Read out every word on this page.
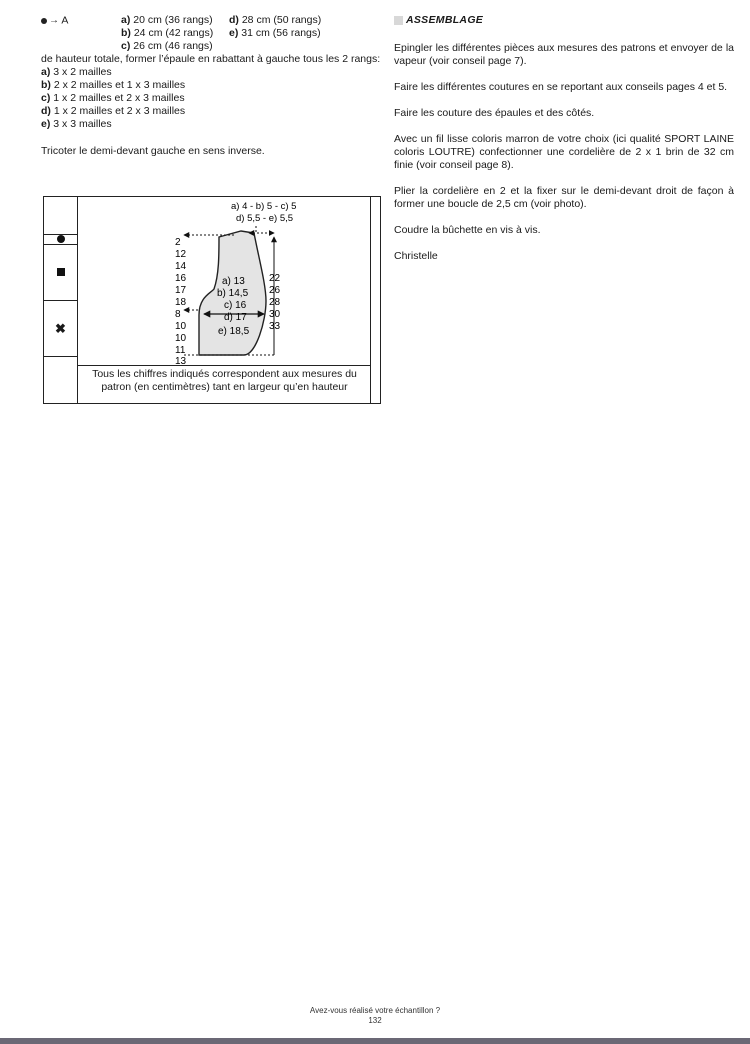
→ A	a) 20 cm (36 rangs)	d) 28 cm (50 rangs)
b) 24 cm (42 rangs)	e) 31 cm (56 rangs)
c) 26 cm (46 rangs)
de hauteur totale, former l’épaule en rabattant à gauche tous les 2 rangs:
a) 3 x 2 mailles
b) 2 x 2 mailles et 1 x 3 mailles
c) 1 x 2 mailles et 2 x 3 mailles
d) 1 x 2 mailles et 2 x 3 mailles
e) 3 x 3 mailles
Tricoter le demi-devant gauche en sens inverse.
✖
a) 4 - b) 5 - c) 5
d) 5,5 - e) 5,5
2
12
14
16
17
18
8
10
10
11
13
22
26
28
30
33
a) 13
b) 14,5
c) 16
d) 17
e) 18,5
Tous les chiffres indiqués correspondent aux mesures du patron (en centimètres) tant en largeur qu’en hauteur
ASSEMBLAGE

Epingler les différentes pièces aux mesures des patrons et envoyer de la vapeur (voir conseil page 7).

Faire les différentes coutures en se reportant aux conseils pages 4 et 5.

Faire les couture des épaules et des côtés.

Avec un fil lisse coloris marron de votre choix (ici qualité SPORT LAINE coloris LOUTRE) confectionner une cordelière de 2 x 1 brin de 32 cm finie (voir conseil page 8).

Plier la cordelière en 2 et la fixer sur le demi-devant droit de façon à former une boucle de 2,5 cm (voir photo).

Coudre la bûchette en vis à vis.

Christelle

Avez-vous réalisé votre échantillon ?
132
